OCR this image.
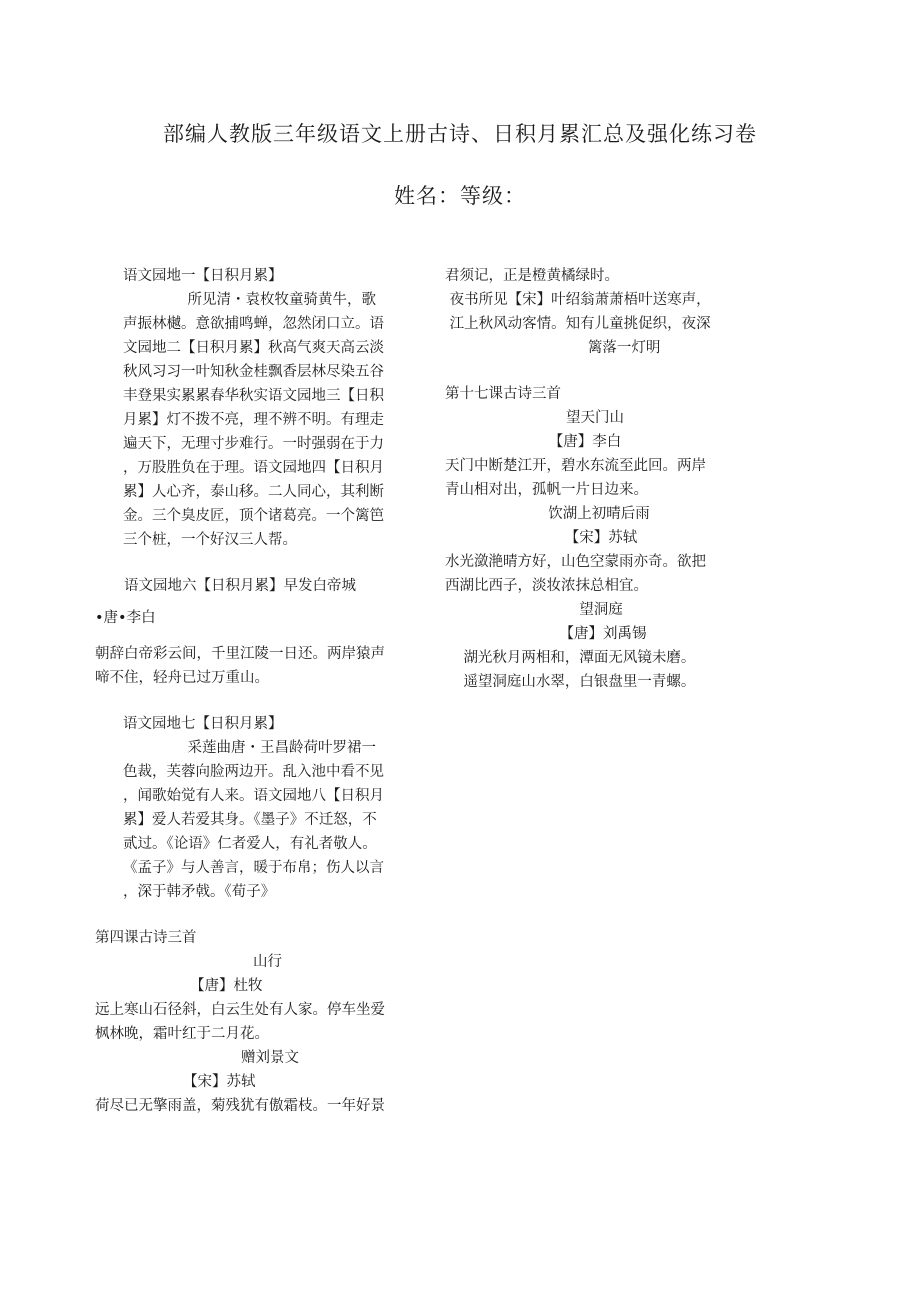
部编人教版三年级语文上册古诗、日积月累汇总及强化练习卷
姓名：等级：

语文园地一【日积月累】

所见清・袁枚牧童骑黄牛，歌

声振林樾。意欲捕鸣蝉，忽然闭口立。语

文园地二【日积月累】秋高气爽天高云淡

秋风习习一叶知秋金桂飘香层林尽染五谷

丰登果实累累春华秋实语文园地三【日积

月累】灯不拨不亮，理不辨不明。有理走

遍天下，无理寸步难行。一时强弱在于力

，万股胜负在于理。语文园地四【日积月

累】人心齐，泰山移。二人同心，其利断

金。三个臭皮匠，顶个诸葛亮。一个篱笆

三个桩，一个好汉三人帮。

语文园地六【日积月累】早发白帝城

•唐•李白

朝辞白帝彩云间，千里江陵一日还。两岸猿声

啼不住，轻舟已过万重山。

语文园地七【日积月累】

采莲曲唐・王昌龄荷叶罗裙一

色裁，芙蓉向脸两边开。乱入池中看不见

，闻歌始觉有人来。语文园地八【日积月

累】爱人若爱其身。《墨子》不迁怒，不

贰过。《论语》仁者爱人，有礼者敬人。

《孟子》与人善言，暖于布帛；伤人以言

，深于韩矛戟。《荀子》

第四课古诗三首

山行

【唐】杜牧

远上寒山石径斜，白云生处有人家。停车坐爱

枫林晚，霜叶红于二月花。

赠刘景文

【宋】苏轼

荷尽已无擎雨盖，菊残犹有傲霜枝。一年好景

君须记，正是橙黄橘绿时。

夜书所见【宋】叶绍翁萧萧梧叶送寒声，

江上秋风动客情。知有儿童挑促织，夜深

篱落一灯明

第十七课古诗三首

望天门山

【唐】李白

天门中断楚江开，碧水东流至此回。两岸

青山相对出，孤帆一片日边来。

饮湖上初晴后雨

【宋】苏轼

水光潋滟晴方好，山色空蒙雨亦奇。欲把

西湖比西子，淡妆浓抹总相宜。

望洞庭

【唐】刘禹锡

湖光秋月两相和，潭面无风镜未磨。

遥望洞庭山水翠，白银盘里一青螺。
